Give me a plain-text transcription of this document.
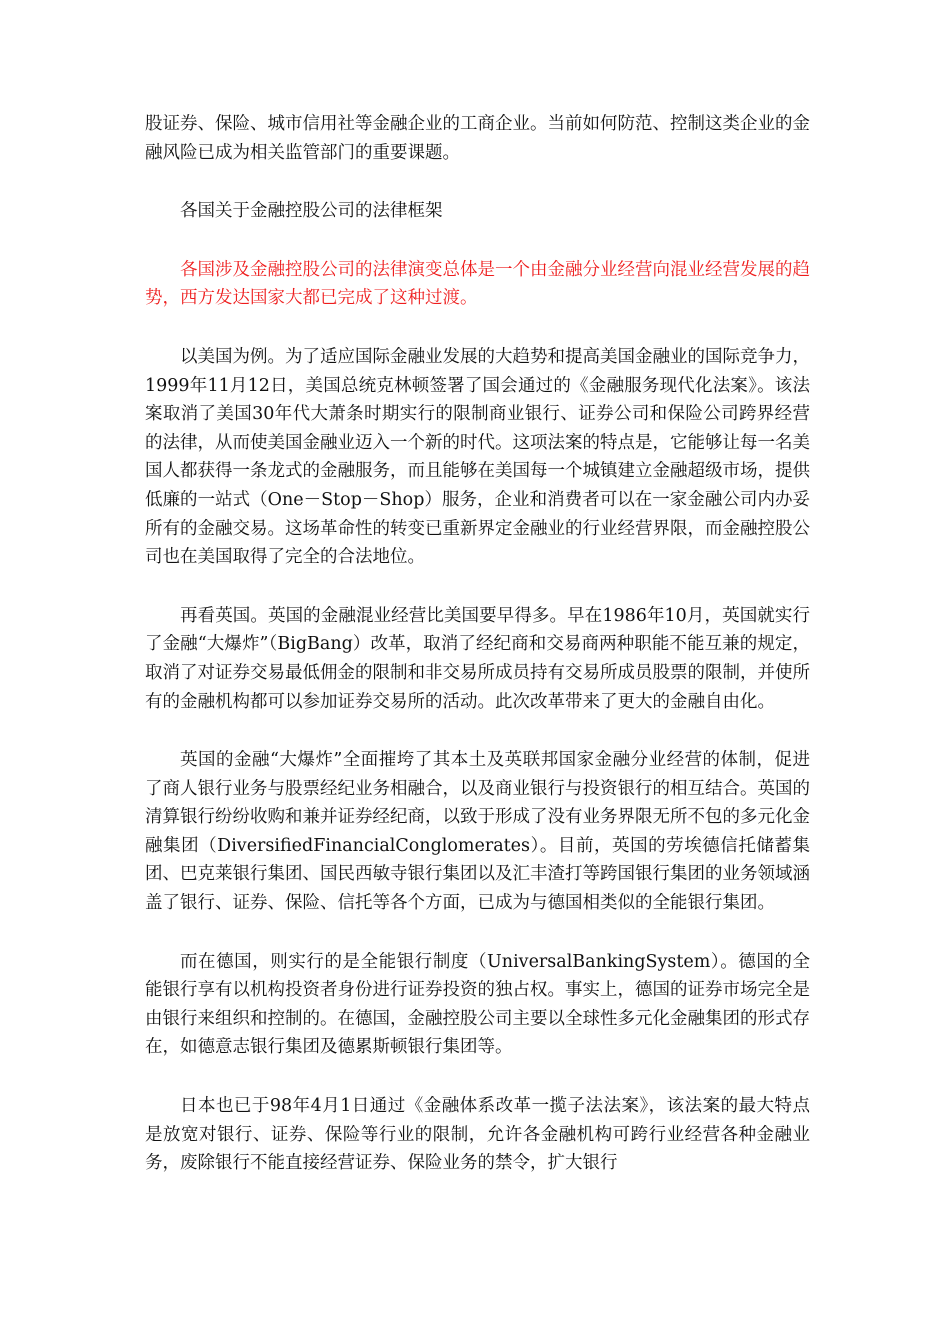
股证券、保险、城市信用社等金融企业的工商企业。当前如何防范、控制这类企业的金融风险已成为相关监管部门的重要课题。

各国关于金融控股公司的法律框架

各国涉及金融控股公司的法律演变总体是一个由金融分业经营向混业经营发展的趋势，西方发达国家大都已完成了这种过渡。

以美国为例。为了适应国际金融业发展的大趋势和提高美国金融业的国际竞争力，1999年11月12日，美国总统克林顿签署了国会通过的《金融服务现代化法案》。该法案取消了美国30年代大萧条时期实行的限制商业银行、证券公司和保险公司跨界经营的法律，从而使美国金融业迈入一个新的时代。这项法案的特点是，它能够让每一名美国人都获得一条龙式的金融服务，而且能够在美国每一个城镇建立金融超级市场，提供低廉的一站式（One－Stop－Shop）服务，企业和消费者可以在一家金融公司内办妥所有的金融交易。这场革命性的转变已重新界定金融业的行业经营界限，而金融控股公司也在美国取得了完全的合法地位。

再看英国。英国的金融混业经营比美国要早得多。早在1986年10月，英国就实行了金融“大爆炸”（BigBang）改革，取消了经纪商和交易商两种职能不能互兼的规定，取消了对证券交易最低佣金的限制和非交易所成员持有交易所成员股票的限制，并使所有的金融机构都可以参加证券交易所的活动。此次改革带来了更大的金融自由化。

英国的金融“大爆炸”全面摧垮了其本土及英联邦国家金融分业经营的体制，促进了商人银行业务与股票经纪业务相融合，以及商业银行与投资银行的相互结合。英国的清算银行纷纷收购和兼并证券经纪商，以致于形成了没有业务界限无所不包的多元化金融集团（DiversifiedFinancialConglomerates）。目前，英国的劳埃德信托储蓄集团、巴克莱银行集团、国民西敏寺银行集团以及汇丰渣打等跨国银行集团的业务领域涵盖了银行、证券、保险、信托等各个方面，已成为与德国相类似的全能银行集团。

而在德国，则实行的是全能银行制度（UniversalBankingSystem）。德国的全能银行享有以机构投资者身份进行证券投资的独占权。事实上，德国的证券市场完全是由银行来组织和控制的。在德国，金融控股公司主要以全球性多元化金融集团的形式存在，如德意志银行集团及德累斯顿银行集团等。

日本也已于98年4月1日通过《金融体系改革一揽子法法案》，该法案的最大特点是放宽对银行、证券、保险等行业的限制，允许各金融机构可跨行业经营各种金融业务，废除银行不能直接经营证券、保险业务的禁令，扩大银行
